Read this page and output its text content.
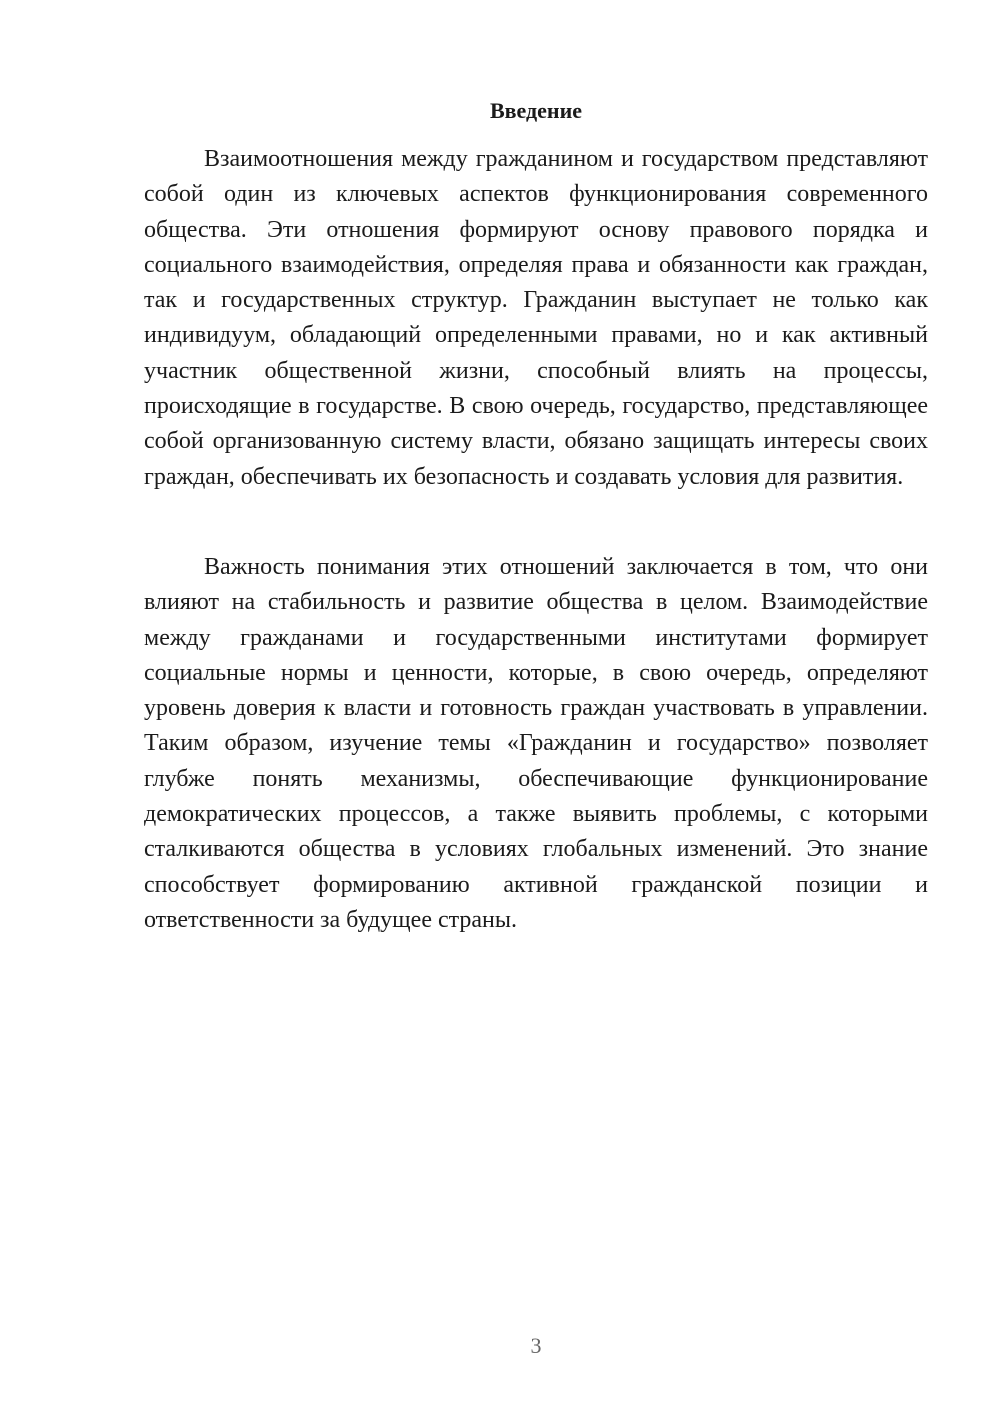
Введение

Взаимоотношения между гражданином и государством представляют собой один из ключевых аспектов функционирования современного общества. Эти отношения формируют основу правового порядка и социального взаимодействия, определяя права и обязанности как граждан, так и государственных структур. Гражданин выступает не только как индивидуум, обладающий определенными правами, но и как активный участник общественной жизни, способный влиять на процессы, происходящие в государстве. В свою очередь, государство, представляющее собой организованную систему власти, обязано защищать интересы своих граждан, обеспечивать их безопасность и создавать условия для развития.

Важность понимания этих отношений заключается в том, что они влияют на стабильность и развитие общества в целом. Взаимодействие между гражданами и государственными институтами формирует социальные нормы и ценности, которые, в свою очередь, определяют уровень доверия к власти и готовность граждан участвовать в управлении. Таким образом, изучение темы «Гражданин и государство» позволяет глубже понять механизмы, обеспечивающие функционирование демократических процессов, а также выявить проблемы, с которыми сталкиваются общества в условиях глобальных изменений. Это знание способствует формированию активной гражданской позиции и ответственности за будущее страны.

3
